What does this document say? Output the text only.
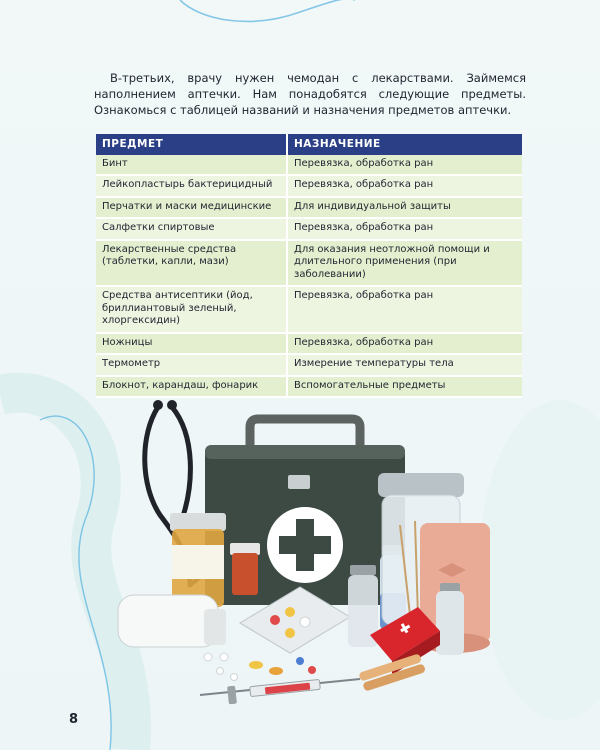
В-третьих, врачу нужен чемодан с лекарствами. Займемся наполнением аптечки. Нам понадобятся следующие предметы. Ознакомься с таблицей названий и назначения предметов аптечки.

ПРЕДМЕТ	НАЗНАЧЕНИЕ
Бинт	Перевязка, обработка ран
Лейкопластырь бактерицидный	Перевязка, обработка ран
Перчатки и маски медицинские	Для индивидуальной защиты
Салфетки спиртовые	Перевязка, обработка ран
Лекарственные средства (таблетки, капли, мази)	Для оказания неотложной помощи и длительного применения (при заболевании)
Средства антисептики (йод, бриллиантовый зеленый, хлоргексидин)	Перевязка, обработка ран
Ножницы	Перевязка, обработка ран
Термометр	Измерение температуры тела
Блокнот, карандаш, фонарик	Вспомогательные предметы
8
